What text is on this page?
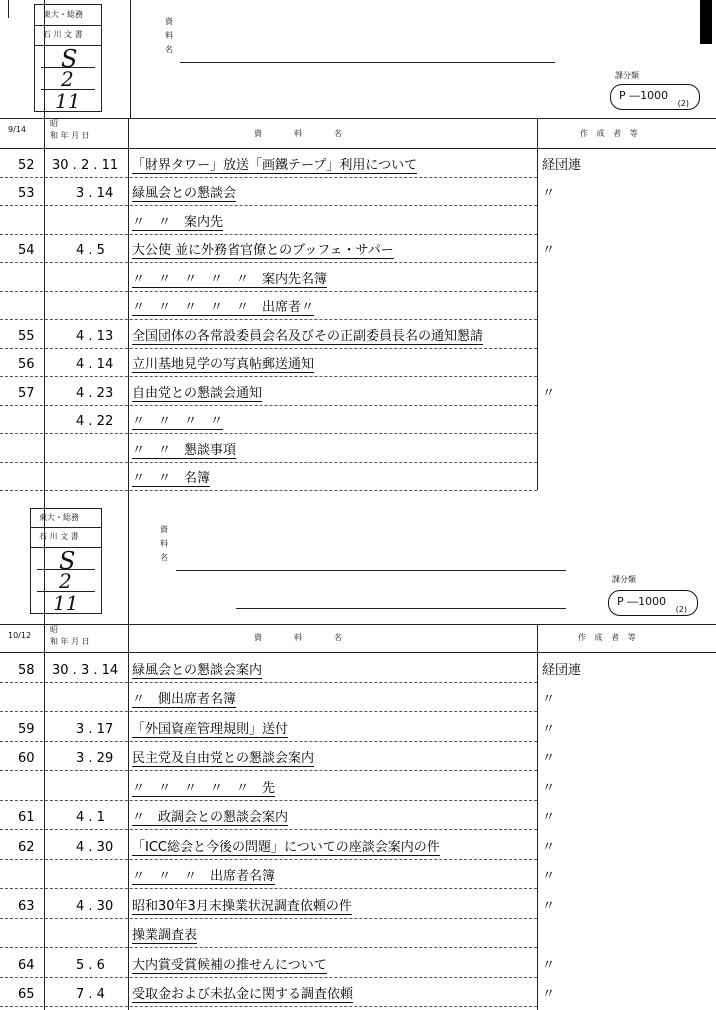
東大・総務
石 川 文 書
S
2
11
資
料
名
課分類
P ―1000
(2)
9/14
昭
和 年 月 日	資　　　料　　　名	作 成 者 等
52 30 . 2 . 11 「財界タワー」放送「画鐵テープ」利用について	経団連
53	3 . 14 緑風会との懇談会	〃
〃　〃　案内先
54	4 . 5 大公使 並に外務省官僚とのブッフェ・サパー	〃
〃　〃　〃　〃　〃　案内先名簿
〃　〃　〃　〃　〃　出席者〃
55	4 . 13 全国団体の各常設委員会名及びその正副委員長名の通知懇請
56	4 . 14 立川基地見学の写真帖郵送通知
57	4 . 23 自由党との懇談会通知	〃
4 . 22 〃　〃　〃　〃
〃　〃　懇談事項
〃　〃　名簿
東大・総務
石 川 文 書
S
2
11
資
料
名
課分類
P ―1000
(2)
10/12
昭
和 年 月 日	資　　　料　　　名	作 成 者 等
58 30 . 3 . 14 緑風会との懇談会案内	経団連
〃　側出席者名簿	〃
59	3 . 17 「外国資産管理規則」送付	〃
60	3 . 29 民主党及自由党との懇談会案内	〃
〃　〃　〃　〃　〃　先	〃
61	4 . 1 〃　政調会との懇談会案内	〃
62	4 . 30 「ICC総会と今後の問題」についての座談会案内の件	〃
〃　〃　〃　出席者名簿	〃
63	4 . 30 昭和30年3月末操業状況調査依頼の件	〃
操業調査表
64	5 . 6 大内賞受賞候補の推せんについて	〃
65	7 . 4 受取金および未払金に関する調査依頼	〃
